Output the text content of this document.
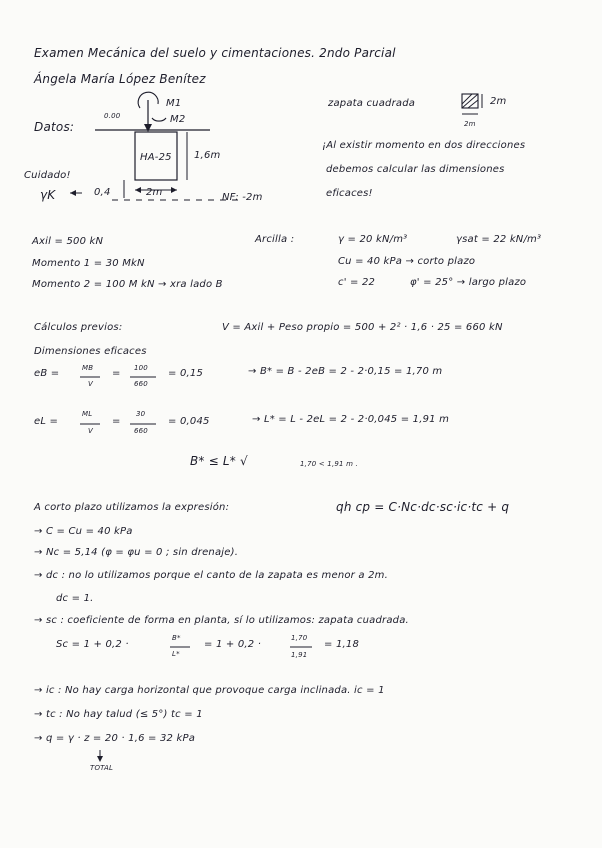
Examen Mecánica del suelo y cimentaciones. 2ndo Parcial
Ángela María López Benítez
Datos:
0.00
M1
M2
HA-25 1,6m
2m
0,4	NF: -2m
Cuidado!
γK
zapata cuadrada	2m
2m
¡Al existir momento en dos direcciones
debemos calcular las dimensiones
eficaces!
Axil = 500 kN
Momento 1 = 30 MkN
Momento 2 = 100 M kN → xra lado B
Arcilla :	γ = 20 kN/m³	γsat = 22 kN/m³
Cu = 40 kPa → corto plazo
c' = 22	φ' = 25° → largo plazo
Cálculos previos:	V = Axil + Peso propio = 500 + 2² · 1,6 · 25 = 660 kN
Dimensiones eficaces
eB =	MB
V
= 100
660
= 0,15	→ B* = B - 2eB = 2 - 2·0,15 = 1,70 m
eL =
ML
V
=
30
660
= 0,045	→ L* = L - 2eL = 2 - 2·0,045 = 1,91 m
B* ≤ L* √	1,70 < 1,91 m .
A corto plazo utilizamos la expresión:	qh cp = C·Nc·dc·sc·ic·tc + q
→ C = Cu = 40 kPa
→ Nc = 5,14 (φ = φu = 0 ; sin drenaje).
→ dc : no lo utilizamos porque el canto de la zapata es menor a 2m.
dc = 1.
→ sc : coeficiente de forma en planta, sí lo utilizamos: zapata cuadrada.
Sc = 1 + 0,2 ·
B*
L*
= 1 + 0,2 ·
1,70
1,91
= 1,18
→ ic : No hay carga horizontal que provoque carga inclinada. ic = 1
→ tc : No hay talud (≤ 5°) tc = 1
→ q = γ · z = 20 · 1,6 = 32 kPa
TOTAL
